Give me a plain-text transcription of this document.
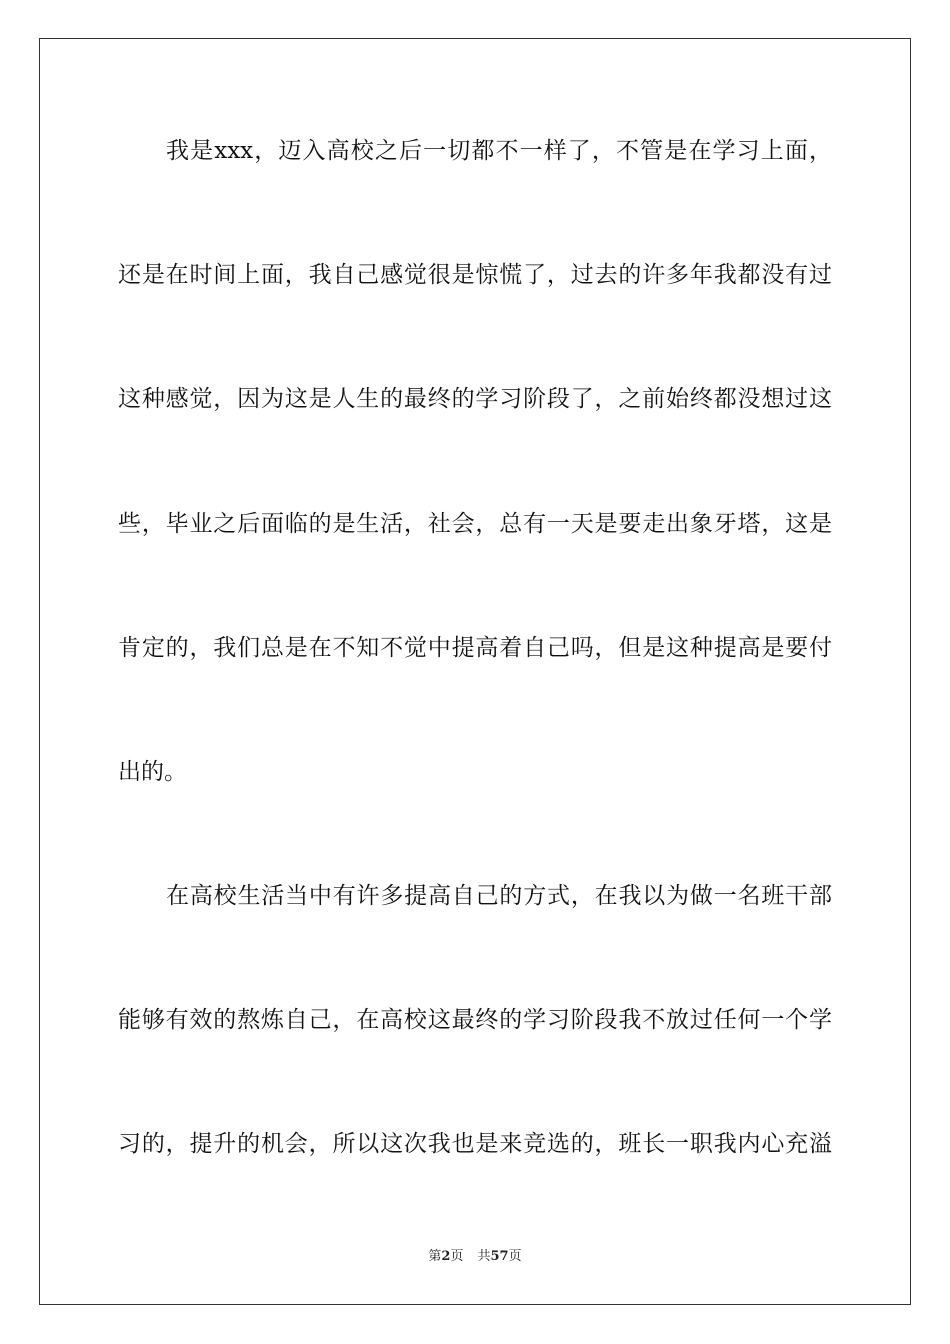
我是xxx，迈入高校之后一切都不一样了，不管是在学习上面，
还是在时间上面，我自己感觉很是惊慌了，过去的许多年我都没有过
这种感觉，因为这是人生的最终的学习阶段了，之前始终都没想过这
些，毕业之后面临的是生活，社会，总有一天是要走出象牙塔，这是
肯定的，我们总是在不知不觉中提高着自己吗，但是这种提高是要付
出的。
在高校生活当中有许多提高自己的方式，在我以为做一名班干部
能够有效的熬炼自己，在高校这最终的学习阶段我不放过任何一个学
习的，提升的机会，所以这次我也是来竞选的，班长一职我内心充溢
第2页 共57页
